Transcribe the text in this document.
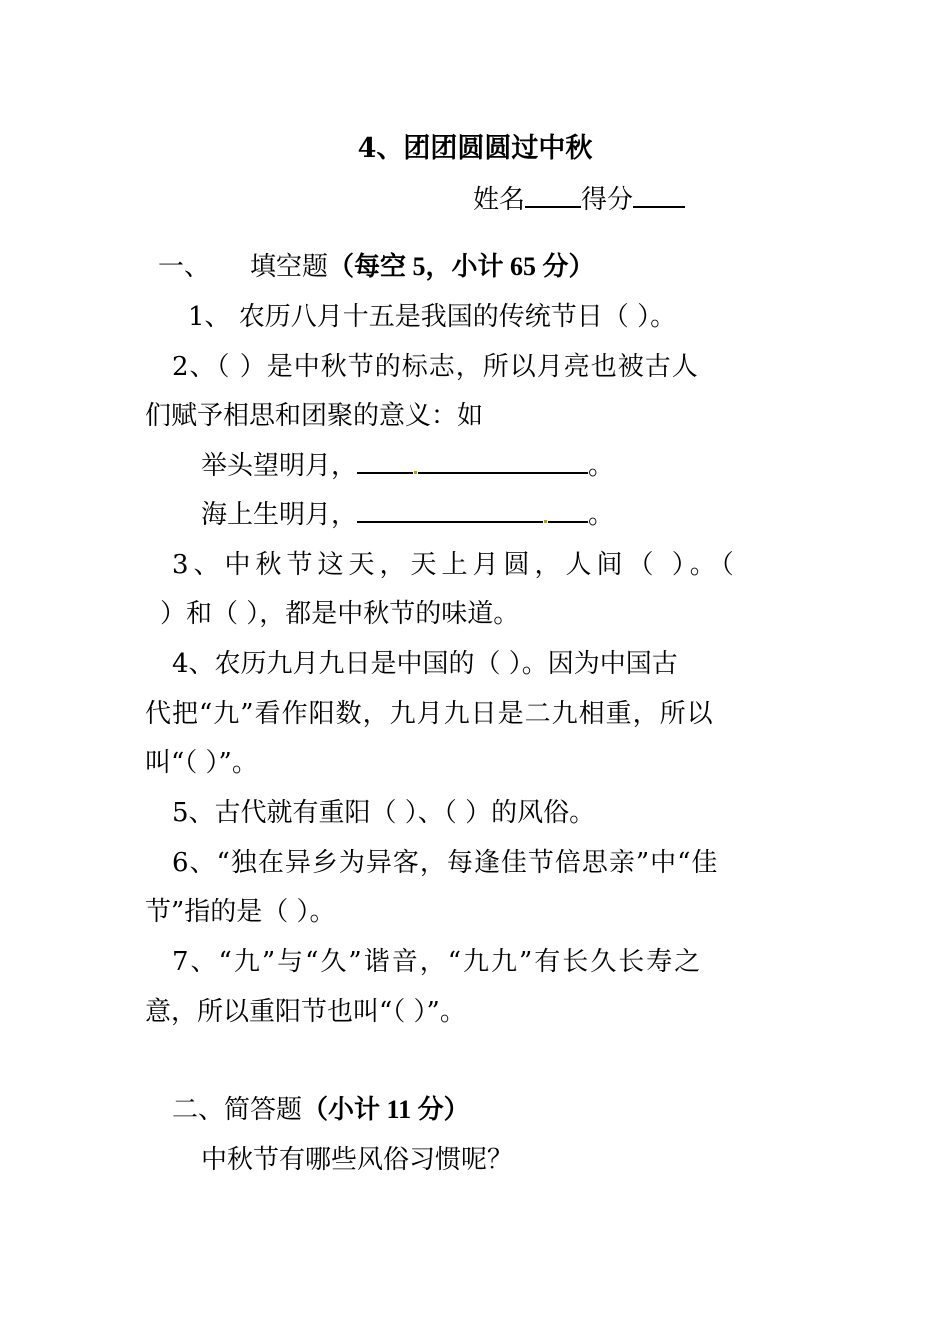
4、团团圆圆过中秋
姓名 得分
一、 填空题（每空 5，小计 65 分）
1、 农历八月十五是我国的传统节日（ ）。
2、（ ）是中秋节的标志，所以月亮也被古人
们赋予相思和团聚的意义：如
举头望明月，	。
海上生明月，	。
3、中秋节这天，天上月圆，人间（ ）。（
）和（ ），都是中秋节的味道。
4、农历九月九日是中国的（ ）。因为中国古
代把“九”看作阳数，九月九日是二九相重，所以
叫“（ ）”。
5、古代就有重阳（ ）、（ ）的风俗。
6、“独在异乡为异客，每逢佳节倍思亲”中“佳
节”指的是（ ）。
7、“九”与“久”谐音，“九九”有长久长寿之
意，所以重阳节也叫“（ ）”。
二、简答题（小计 11 分）
中秋节有哪些风俗习惯呢？
